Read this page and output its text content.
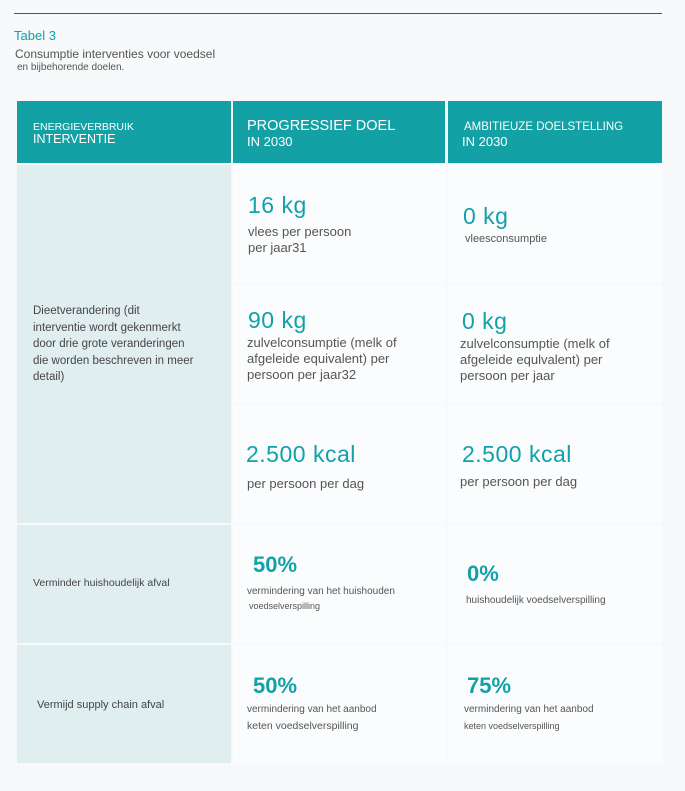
Tabel 3
Consumptie interventies voor voedsel
en bijbehorende doelen.
ENERGIEVERBRUIK
INTERVENTIE
PROGRESSIEF DOEL
IN 2030
AMBITIEUZE DOELSTELLING
IN 2030
Dieetverandering (dit
interventie wordt gekenmerkt
door drie grote veranderingen
die worden beschreven in meer
detail)
16 kg
vlees per persoon
per jaar31
0 kg
vleesconsumptie
90 kg
zulvelconsumptie (melk of
afgeleide equivalent) per
persoon per jaar32
0 kg
zulvelconsumptie (melk of
afgeleide equlvalent) per
persoon per jaar
2.500 kcal
per persoon per dag
2.500 kcal
per persoon per dag
Verminder huishoudelijk afval
50%
vermindering van het huishouden
voedselverspilling
0%
huishoudelijk voedselverspilling
Vermijd supply chain afval
50%
vermindering van het aanbod
keten voedselverspilling
75%
vermindering van het aanbod
keten voedselverspilling
